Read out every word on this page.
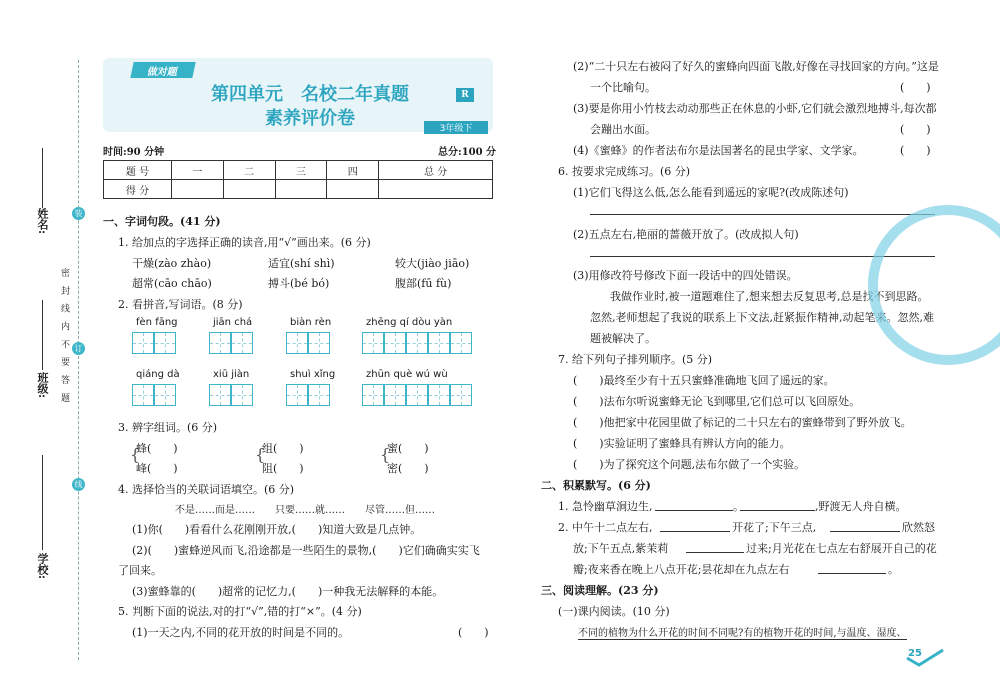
姓名:
班级:
学校:
装
订
线
密 封 线 内 不 要 答 题
做对题
第四单元　名校二年真题
素养评价卷
R
3年级下
时间:90 分钟	总分:100 分
题 号	一	二	三	四	总 分
得 分					
一、字词句段。(41 分)
1. 给加点的字选择正确的读音,用“√”画出来。(6 分)
干燥(zào zhào)	适宜(shí shì)	较大(jiào jiāo)
超常(cāo chāo)	搏斗(bé bó)	腹部(fū fù)
2. 看拼音,写词语。(8 分)
fèn fāng	jiān chá	biàn rèn	zhēng qí dòu yàn
qiáng dà	xiū jiàn	shuì xǐng	zhūn què wú wù
3. 辨字组词。(6 分)
{
蜂(　　)
峰(　　)
{
组(　　)
阻(　　)
{
蜜(　　)
密(　　)
4. 选择恰当的关联词语填空。(6 分)
不是……而是……　　只要……就……　　尽管……但……
(1)你(　　)看看什么花刚刚开放,(　　)知道大致是几点钟。
(2)(　　)蜜蜂逆风而飞,沿途都是一些陌生的景物,(　　)它们确确实实飞
了回来。
(3)蜜蜂靠的(　　)超常的记忆力,(　　)一种我无法解释的本能。
5. 判断下面的说法,对的打“√”,错的打“×”。(4 分)
(1)一天之内,不同的花开放的时间是不同的。	(　　)
(2)“二十只左右被闷了好久的蜜蜂向四面飞散,好像在寻找回家的方向。”这是
一个比喻句。	(　　)
(3)要是你用小竹枝去动动那些正在休息的小虾,它们就会激烈地搏斗,每次都
会蹦出水面。	(　　)
(4)《蜜蜂》的作者法布尔是法国著名的昆虫学家、文学家。	(　　)
6. 按要求完成练习。(6 分)
(1)它们飞得这么低,怎么能看到遥远的家呢?(改成陈述句)
(2)五点左右,艳丽的蔷薇开放了。(改成拟人句)
(3)用修改符号修改下面一段话中的四处错误。
我做作业时,被一道题难住了,想来想去反复思考,总是找不到思路。
忽然,老师想起了我说的联系上下文法,赶紧振作精神,动起笔来。忽然,难
题被解决了。
7. 给下列句子排列顺序。(5 分)
(　　)最终至少有十五只蜜蜂准确地飞回了遥远的家。
(　　)法布尔听说蜜蜂无论飞到哪里,它们总可以飞回原处。
(　　)他把家中花园里做了标记的二十只左右的蜜蜂带到了野外放飞。
(　　)实验证明了蜜蜂具有辨认方向的能力。
(　　)为了探究这个问题,法布尔做了一个实验。
二、积累默写。(6 分)
1. 急怜幽草涧边生,	。	,野渡无人舟自横。
2. 中午十二点左右,	开花了;下午三点,	欣然怒
放;下午五点,紫茉莉	过来;月光花在七点左右舒展开自己的花
瓣;夜来香在晚上八点开花;昙花却在九点左右	。
三、阅读理解。(23 分)
(一)课内阅读。(10 分)
不同的植物为什么开花的时间不同呢?有的植物开花的时间,与温度、湿度、
25
